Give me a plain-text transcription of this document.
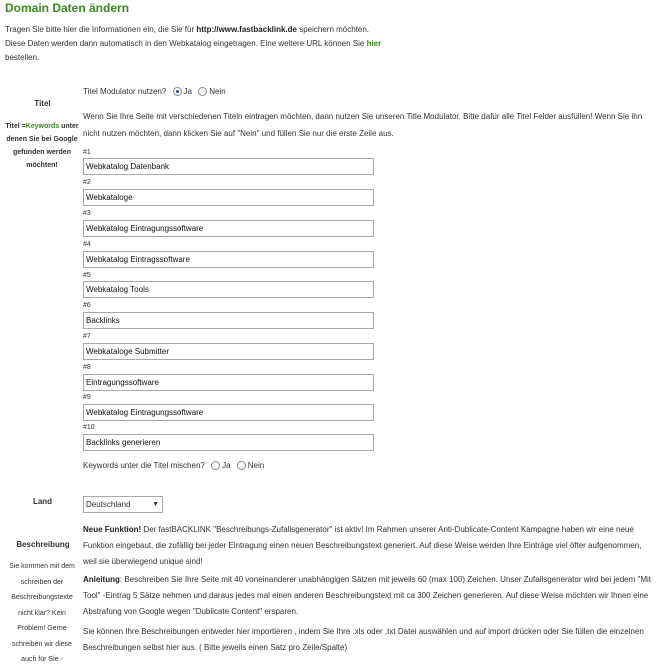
Domain Daten ändern
Tragen Sie bitte hier die Informationen ein, die Sie für http://www.fastbacklink.de speichern möchten.
Diese Daten werden dann automatisch in den Webkatalog eingetragen. Eine weitere URL können Sie hier
bestellen.
Titel
Titel =Keywords unter denen Sie bei Google gefunden werden möchten!
Titel Modulator nutzen? Ja Nein
Wenn Sie Ihre Seite mit verschiedenen Titeln eintragen möchten, dann nutzen Sie unseren Title Modulator. Bitte dafür alle Titel Felder ausfüllen! Wenn Sie ihn nicht nutzen möchten, dann klicken Sie auf "Nein" und füllen Sie nur die erste Zeile aus.
#1
Webkatalog Datenbank
#2
Webkataloge
#3
Webkatalog Eintragungssoftware
#4
Webkatalog Eintragssoftware
#5
Webkatalog Tools
#6
Backlinks
#7
Webkataloge Submitter
#8
Eintragungssoftware
#9
Webkatalog Eintragungssoftware
#10
Backlinks generieren
Keywords unter die Titel mischen? Ja Nein
Land	Deutschland	▼
Beschreibung
Sie kommen mit dem schreiben der Beschreibungstexte nicht klar? Kein Problem! Gerne schreiben wir diese auch für Sie -
Neue Funktion! Der fastBACKLINK "Beschreibungs-Zufallsgenerator" ist aktiv! Im Rahmen unserer Anti-Dublicate-Content Kampagne haben wir eine neue Funktion eingebaut, die zufällig bei jeder Eintragung einen neuen Beschreibungstext generiert. Auf diese Weise werden Ihre Einträge viel öfter aufgenommen, weil sie überwiegend unique sind!
Anleitung: Beschreiben Sie Ihre Seite mit 40 voneinanderer unabhängigen Sätzen mit jeweils 60 (max 100) Zeichen. Unser Zufallsgenerator wird bei jedem "Mit Tool" -Eintrag 5 Sätze nehmen und daraus jedes mal einen anderen Beschreibungstext mit ca 300 Zeichen generieren. Auf diese Weise möchten wir Ihnen eine Abstrafung von Google wegen "Dublicate Content" ersparen.
Sie können Ihre Beschreibungen entweder hier importieren , indem Sie Ihre .xls oder .txt Datei auswählen und auf import drücken oder Sie füllen die einzelnen Beschreibungen selbst hier aus. ( Bitte jeweils einen Satz pro Zeile/Spalte)
